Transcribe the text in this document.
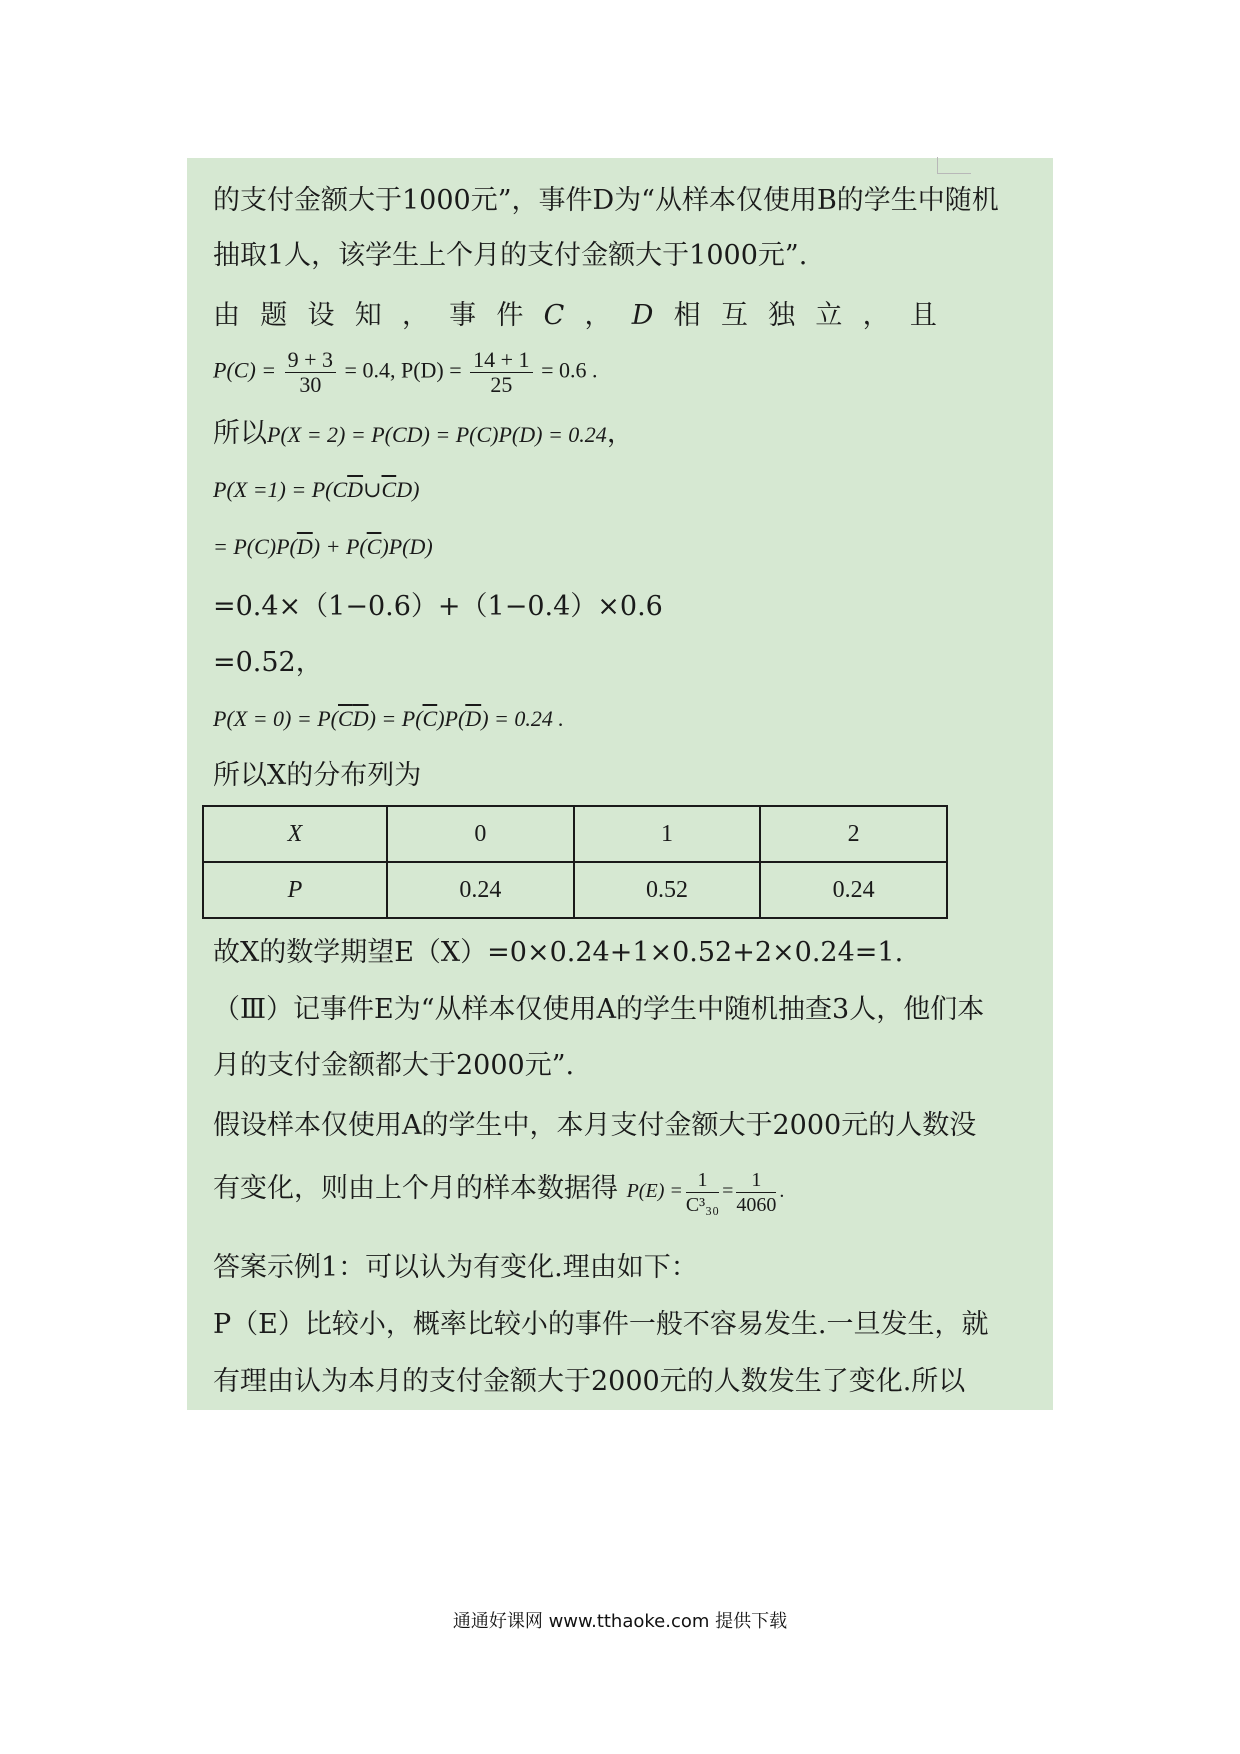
的支付金额大于1000元”，事件D为“从样本仅使用B的学生中随机
抽取1人，该学生上个月的支付金额大于1000元”.
由 题 设 知 ， 事 件 C ， D 相 互 独 立 ， 且
$P(C) = \frac{9 + 3}{30} = 0.4$, $P(D) = \frac{14 + 1}{25} = 0.6$ .
所以P(X = 2) = P(CD) = P(C)P(D) = 0.24，
$P(X =1) = P(C\overline{D}\cup\overline{C}D)$
= $P(C)P(\overline{D}) + P(\overline{C})P(D)$
=0.4×（1−0.6）+（1−0.4）×0.6
=0.52，
$P(X = 0) = P(\overline{C}\overline{D}) = P(\overline{C})P(\overline{D}) = 0.24$ .
所以X的分布列为
X	0	1	2
P	0.24	0.52	0.24
故X的数学期望E（X）=0×0.24+1×0.52+2×0.24=1.
（Ⅲ）记事件E为“从样本仅使用A的学生中随机抽查3人，他们本
月的支付金额都大于2000元”.
假设样本仅使用A的学生中，本月支付金额大于2000元的人数没
有变化，则由上个月的样本数据得 $P(E) = \frac{1}{\text{C³₃₀}} = \frac{1}{4060}$ .
答案示例1：可以认为有变化.理由如下：
P（E）比较小，概率比较小的事件一般不容易发生.一旦发生，就
有理由认为本月的支付金额大于2000元的人数发生了变化.所以
通通好课网 www.tthaoke.com 提供下载
